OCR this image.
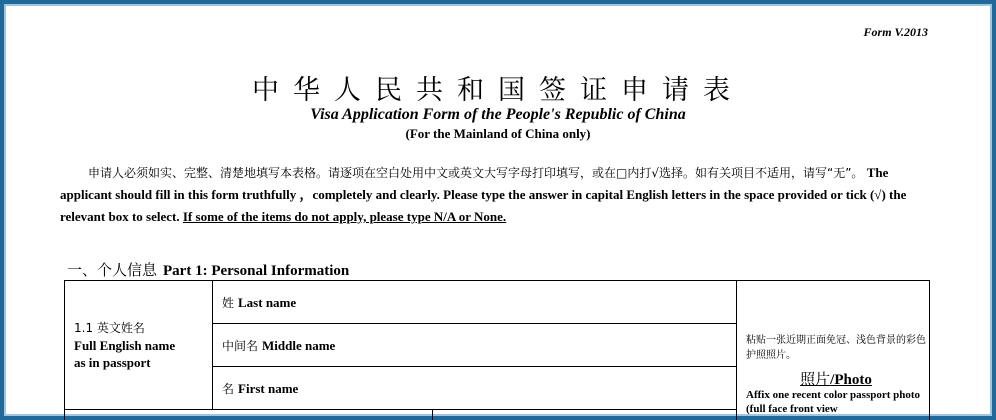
Form V.2013
中华人民共和国签证申请表
Visa Application Form of the People's Republic of China
(For the Mainland of China only)
申请人必须如实、完整、清楚地填写本表格。请逐项在空白处用中文或英文大写字母打印填写，或在□内打√选择。如有关项目不适用，请写“无”。 The applicant should fill in this form truthfully ，completely and clearly. Please type the answer in capital English letters in the space provided or tick (√) the relevant box to select. If some of the items do not apply, please type N/A or None.
一、个人信息 Part 1: Personal Information
1.1 英文姓名
Full English name
as in passport
姓 Last name
中间名 Middle name
名 First name
粘贴一张近期正面免冠、浅色背景的彩色护照照片。
照片/Photo
Affix one recent color passport photo (full face front view
